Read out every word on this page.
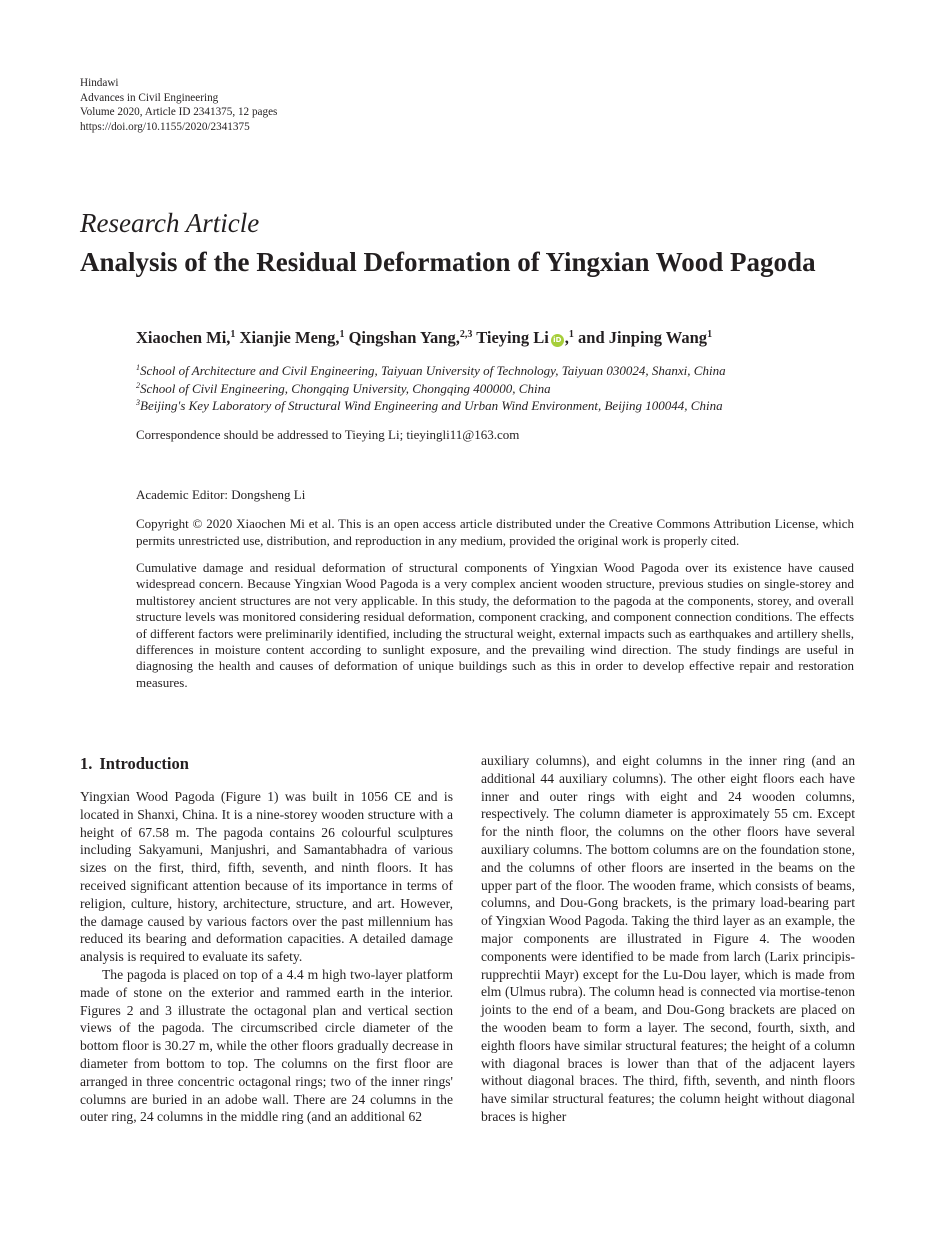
Hindawi
Advances in Civil Engineering
Volume 2020, Article ID 2341375, 12 pages
https://doi.org/10.1155/2020/2341375
Research Article
Analysis of the Residual Deformation of Yingxian Wood Pagoda
Xiaochen Mi,$^1$ Xianjie Meng,$^1$ Qingshan Yang,$^{2,3}$ Tieying Li iD ,$^1$ and Jinping Wang$^1$
$^1$School of Architecture and Civil Engineering, Taiyuan University of Technology, Taiyuan 030024, Shanxi, China
$^2$School of Civil Engineering, Chongqing University, Chongqing 400000, China
$^3$Beijing's Key Laboratory of Structural Wind Engineering and Urban Wind Environment, Beijing 100044, China
Correspondence should be addressed to Tieying Li; tieyingli11@163.com
Academic Editor: Dongsheng Li
Copyright © 2020 Xiaochen Mi et al. This is an open access article distributed under the Creative Commons Attribution License, which permits unrestricted use, distribution, and reproduction in any medium, provided the original work is properly cited.
Cumulative damage and residual deformation of structural components of Yingxian Wood Pagoda over its existence have caused widespread concern. Because Yingxian Wood Pagoda is a very complex ancient wooden structure, previous studies on single-storey and multistorey ancient structures are not very applicable. In this study, the deformation to the pagoda at the components, storey, and overall structure levels was monitored considering residual deformation, component cracking, and component connection conditions. The effects of different factors were preliminarily identified, including the structural weight, external impacts such as earthquakes and artillery shells, differences in moisture content according to sunlight exposure, and the prevailing wind direction. The study findings are useful in diagnosing the health and causes of deformation of unique buildings such as this in order to develop effective repair and restoration measures.
1. Introduction

Yingxian Wood Pagoda (Figure 1) was built in 1056 CE and is located in Shanxi, China. It is a nine-storey wooden structure with a height of 67.58 m. The pagoda contains 26 colourful sculptures including Sakyamuni, Manjushri, and Samantabhadra of various sizes on the first, third, fifth, seventh, and ninth floors. It has received significant attention because of its importance in terms of religion, culture, history, architecture, structure, and art. However, the damage caused by various factors over the past millennium has reduced its bearing and deformation capacities. A detailed damage analysis is required to evaluate its safety.

The pagoda is placed on top of a 4.4 m high two-layer platform made of stone on the exterior and rammed earth in the interior. Figures 2 and 3 illustrate the octagonal plan and vertical section views of the pagoda. The circumscribed circle diameter of the bottom floor is 30.27 m, while the other floors gradually decrease in diameter from bottom to top. The columns on the first floor are arranged in three concentric octagonal rings; two of the inner rings' columns are buried in an adobe wall. There are 24 columns in the outer ring, 24 columns in the middle ring (and an additional 62

auxiliary columns), and eight columns in the inner ring (and an additional 44 auxiliary columns). The other eight floors each have inner and outer rings with eight and 24 wooden columns, respectively. The column diameter is approximately 55 cm. Except for the ninth floor, the columns on the other floors have several auxiliary columns. The bottom columns are on the foundation stone, and the columns of other floors are inserted in the beams on the upper part of the floor. The wooden frame, which consists of beams, columns, and Dou-Gong brackets, is the primary load-bearing part of Yingxian Wood Pagoda. Taking the third layer as an example, the major components are illustrated in Figure 4. The wooden components were identified to be made from larch (Larix principis-rupprechtii Mayr) except for the Lu-Dou layer, which is made from elm (Ulmus rubra). The column head is connected via mortise-tenon joints to the end of a beam, and Dou-Gong brackets are placed on the wooden beam to form a layer. The second, fourth, sixth, and eighth floors have similar structural features; the height of a column with diagonal braces is lower than that of the adjacent layers without diagonal braces. The third, fifth, seventh, and ninth floors have similar structural features; the column height without diagonal braces is higher
